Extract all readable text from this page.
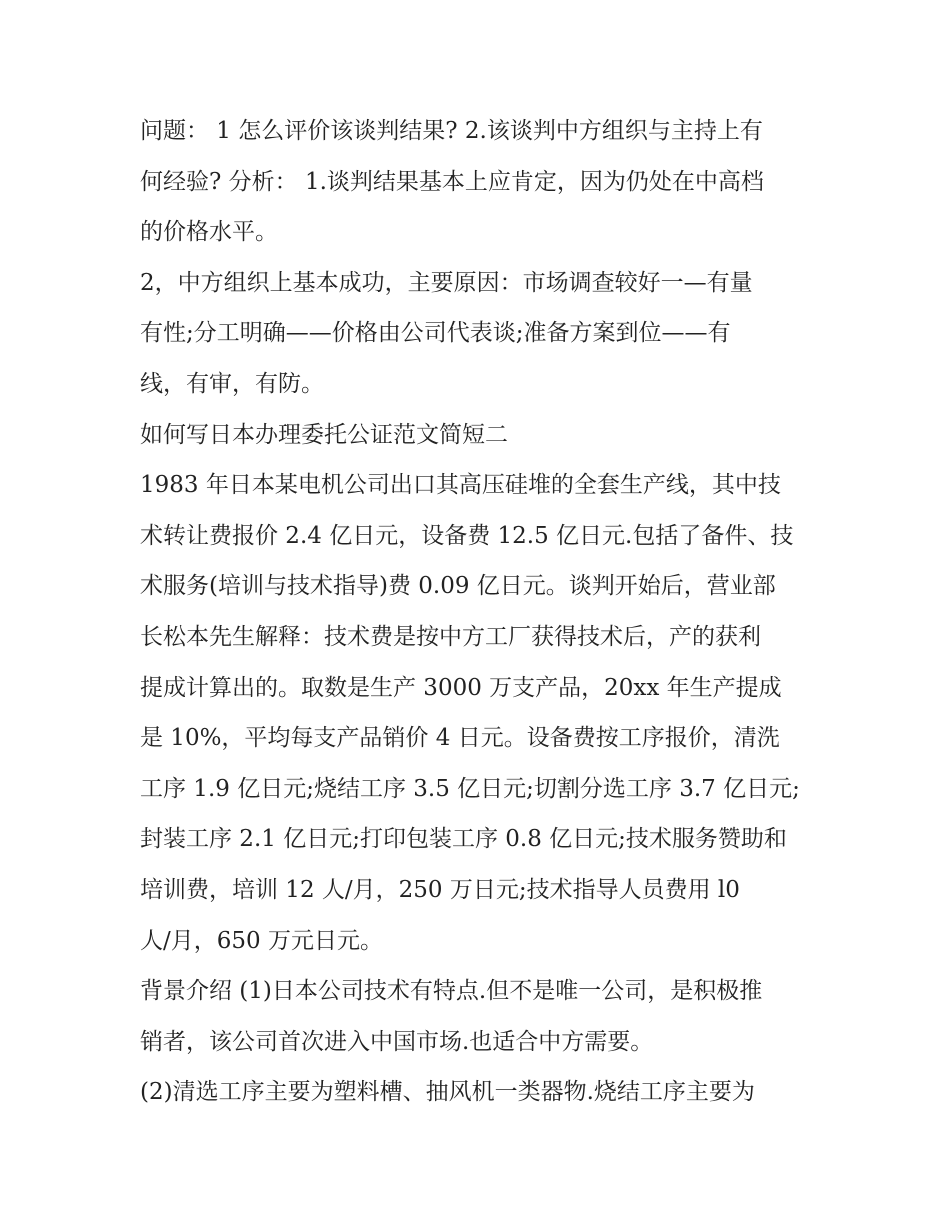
问题： 1 怎么评价该谈判结果? 2.该谈判中方组织与主持上有
何经验? 分析： 1.谈判结果基本上应肯定，因为仍处在中高档
的价格水平。
2，中方组织上基本成功，主要原因：市场调查较好一—有量
有性;分工明确——价格由公司代表谈;准备方案到位——有
线，有审，有防。
如何写日本办理委托公证范文简短二
1983 年日本某电机公司出口其高压硅堆的全套生产线，其中技
术转让费报价 2.4 亿日元，设备费 12.5 亿日元.包括了备件、技
术服务(培训与技术指导)费 0.09 亿日元。谈判开始后，营业部
长松本先生解释：技术费是按中方工厂获得技术后，产的获利
提成计算出的。取数是生产 3000 万支产品，20xx 年生产提成
是 10%，平均每支产品销价 4 日元。设备费按工序报价，清洗
工序 1.9 亿日元;烧结工序 3.5 亿日元;切割分选工序 3.7 亿日元;
封装工序 2.1 亿日元;打印包装工序 0.8 亿日元;技术服务赞助和
培训费，培训 12 人/月，250 万日元;技术指导人员费用 l0
人/月，650 万元日元。
背景介绍 (1)日本公司技术有特点.但不是唯一公司，是积极推
销者，该公司首次进入中国市场.也适合中方需要。
(2)清选工序主要为塑料槽、抽风机一类器物.烧结工序主要为
